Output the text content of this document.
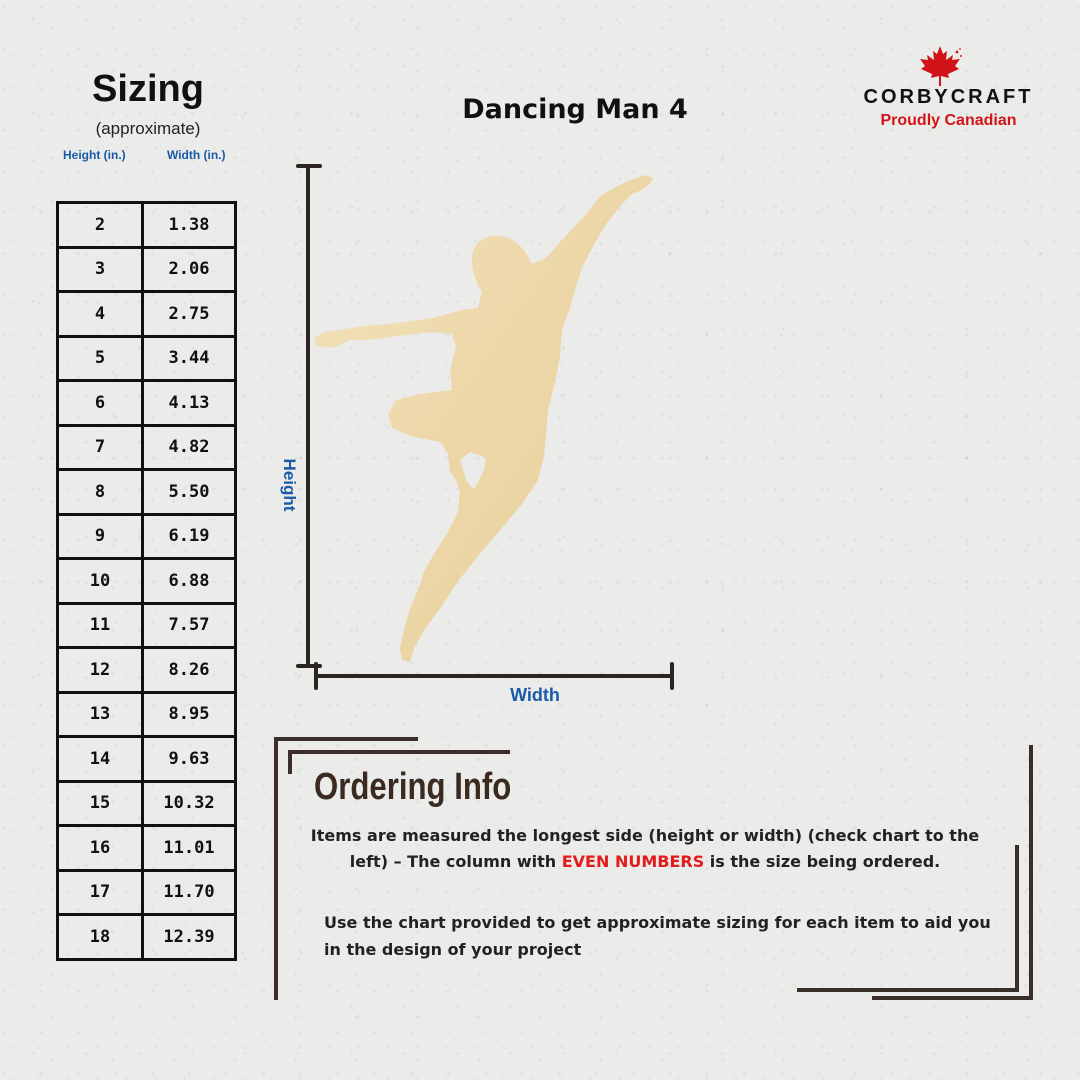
Sizing
(approximate)
Height (in.)	Width (in.)
2	1.38
3	2.06
4	2.75
5	3.44
6	4.13
7	4.82
8	5.50
9	6.19
10	6.88
11	7.57
12	8.26
13	8.95
14	9.63
15	10.32
16	11.01
17	11.70
18	12.39
Dancing Man 4	CORBYCRAFT
Proudly Canadian
Height
Width
Ordering Info
Items are measured the longest side (height or width) (check chart to the left) – The column with EVEN NUMBERS is the size being ordered.
Use the chart provided to get approximate sizing for each item to aid you in the design of your project
